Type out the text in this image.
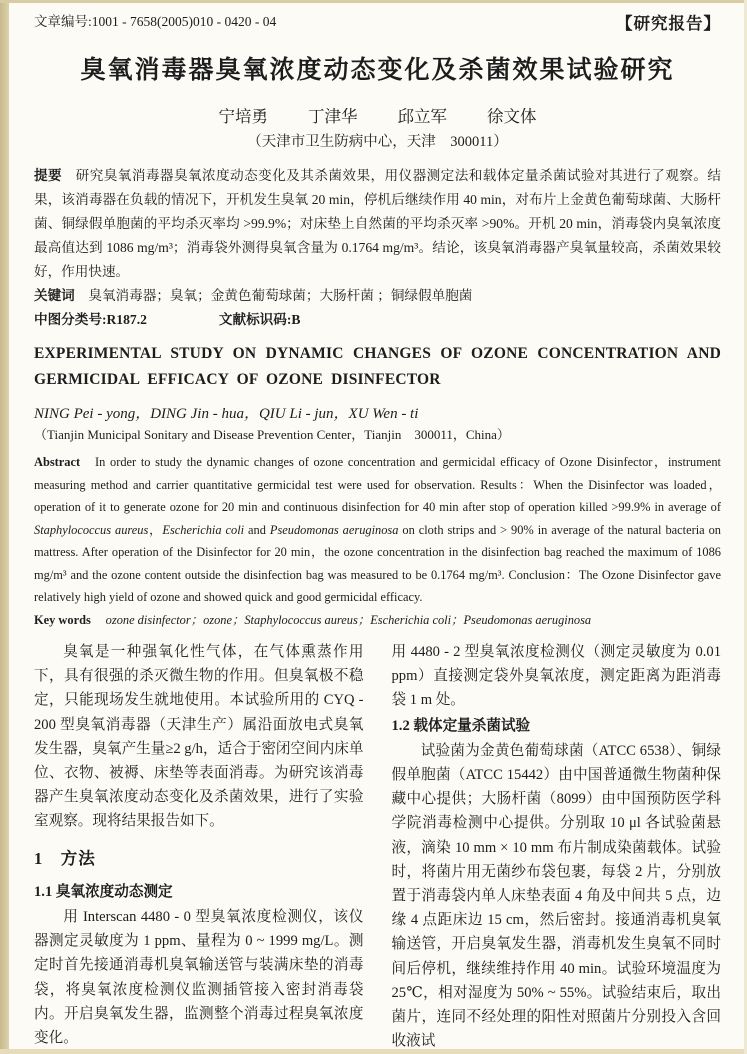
文章编号:1001 - 7658(2005)010 - 0420 - 04	【研究报告】
臭氧消毒器臭氧浓度动态变化及杀菌效果试验研究
宁培勇 丁津华 邱立军 徐文体
（天津市卫生防病中心，天津　300011）

提要 研究臭氧消毒器臭氧浓度动态变化及其杀菌效果，用仪器测定法和载体定量杀菌试验对其进行了观察。结果，该消毒器在负载的情况下，开机发生臭氧 20 min，停机后继续作用 40 min，对布片上金黄色葡萄球菌、大肠杆菌、铜绿假单胞菌的平均杀灭率均 >99.9%；对床垫上自然菌的平均杀灭率 >90%。开机 20 min，消毒袋内臭氧浓度最高值达到 1086 mg/m³；消毒袋外测得臭氧含量为 0.1764 mg/m³。结论，该臭氧消毒器产臭氧量较高，杀菌效果较好，作用快速。

关键词 臭氧消毒器；臭氧；金黄色葡萄球菌；大肠杆菌 ；铜绿假单胞菌

中图分类号:R187.2	文献标识码:B

EXPERIMENTAL STUDY ON DYNAMIC CHANGES OF OZONE CONCENTRATION AND GERMICIDAL EFFICACY OF OZONE DISINFECTOR
NING Pei - yong，DING Jin - hua，QIU Li - jun，XU Wen - ti
（Tianjin Municipal Sonitary and Disease Prevention Center，Tianjin　300011，China）

Abstract In order to study the dynamic changes of ozone concentration and germicidal efficacy of Ozone Disinfector，instrument measuring method and carrier quantitative germicidal test were used for observation. Results：When the Disinfector was loaded，operation of it to generate ozone for 20 min and continuous disinfection for 40 min after stop of operation killed >99.9% in average of Staphylococcus aureus，Escherichia coli and Pseudomonas aeruginosa on cloth strips and > 90% in average of the natural bacteria on mattress. After operation of the Disinfector for 20 min，the ozone concentration in the disinfection bag reached the maximum of 1086 mg/m³ and the ozone content outside the disinfection bag was measured to be 0.1764 mg/m³. Conclusion：The Ozone Disinfector gave relatively high yield of ozone and showed quick and good germicidal efficacy.

Key words ozone disinfector；ozone；Staphylococcus aureus；Escherichia coli；Pseudomonas aeruginosa

臭氧是一种强氧化性气体，在气体熏蒸作用下，具有很强的杀灭微生物的作用。但臭氧极不稳定，只能现场发生就地使用。本试验所用的 CYQ - 200 型臭氧消毒器（天津生产）属沿面放电式臭氧发生器，臭氧产生量≥2 g/h，适合于密闭空间内床单位、衣物、被褥、床垫等表面消毒。为研究该消毒器产生臭氧浓度动态变化及杀菌效果，进行了实验室观察。现将结果报告如下。

1　方法
1.1 臭氧浓度动态测定

用 Interscan 4480 - 0 型臭氧浓度检测仪，该仪器测定灵敏度为 1 ppm、量程为 0 ~ 1999 mg/L。测定时首先接通消毒机臭氧输送管与装满床垫的消毒袋，将臭氧浓度检测仪监测插管接入密封消毒袋内。开启臭氧发生器，监测整个消毒过程臭氧浓度变化。

用 4480 - 2 型臭氧浓度检测仪（测定灵敏度为 0.01 ppm）直接测定袋外臭氧浓度，测定距离为距消毒袋 1 m 处。

1.2 载体定量杀菌试验

试验菌为金黄色葡萄球菌（ATCC 6538）、铜绿假单胞菌（ATCC 15442）由中国普通微生物菌种保藏中心提供；大肠杆菌（8099）由中国预防医学科学院消毒检测中心提供。分别取 10 μl 各试验菌悬液，滴染 10 mm × 10 mm 布片制成染菌载体。试验时，将菌片用无菌纱布袋包裹，每袋 2 片，分别放置于消毒袋内单人床垫表面 4 角及中间共 5 点，边缘 4 点距床边 15 cm，然后密封。接通消毒机臭氧输送管，开启臭氧发生器，消毒机发生臭氧不同时间后停机，继续维持作用 40 min。试验环境温度为 25℃，相对湿度为 50% ~ 55%。试验结束后，取出菌片，连同不经处理的阳性对照菌片分别投入含回收液试
